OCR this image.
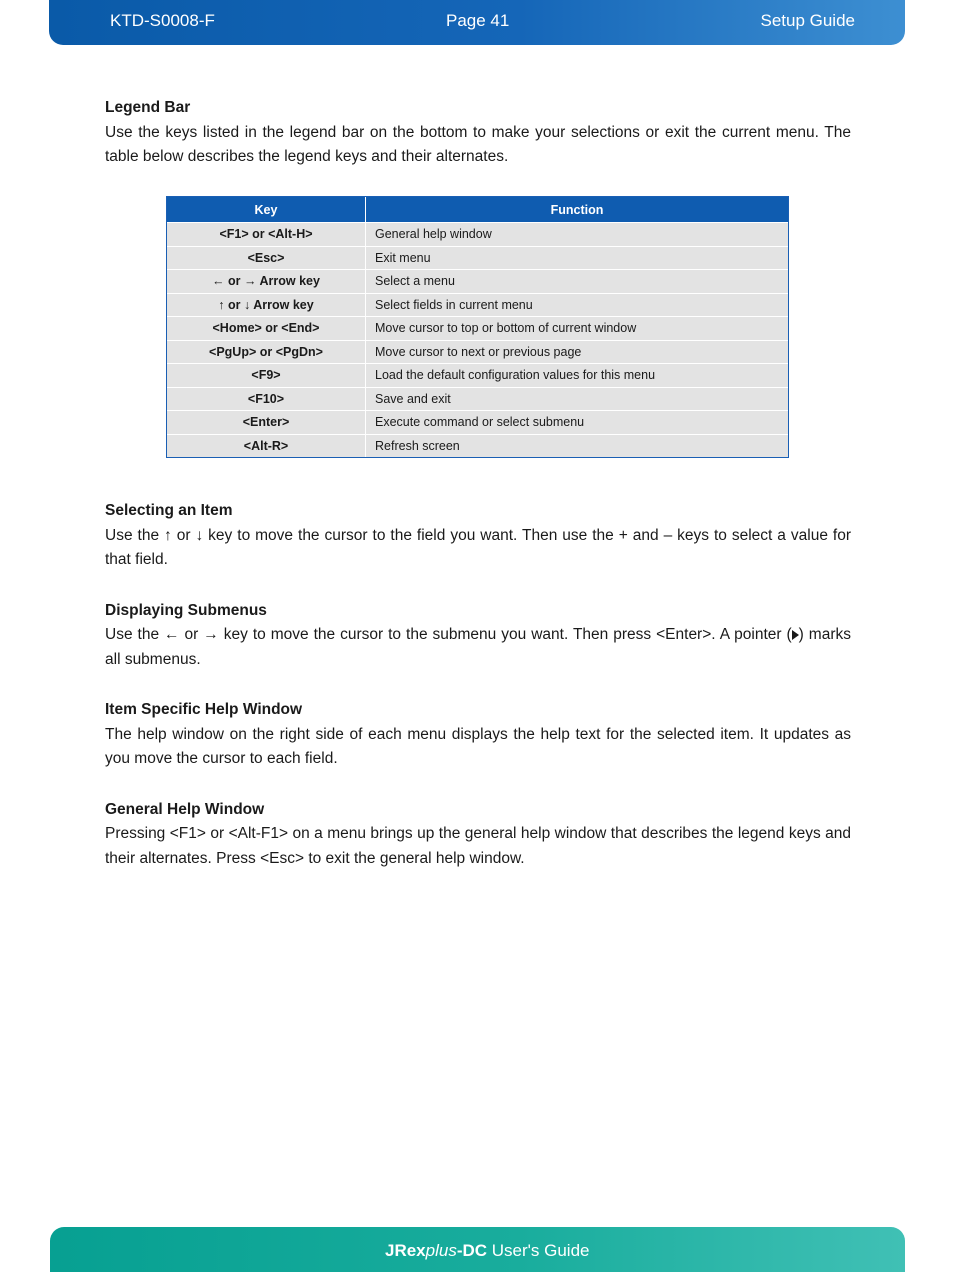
KTD-S0008-F	Page 41	Setup Guide

Legend Bar

Use the keys listed in the legend bar on the bottom to make your selections or exit the current menu. The table below describes the legend keys and their alternates.

Key	Function
<F1> or <Alt-H>	General help window
<Esc>	Exit menu
← or → Arrow key	Select a menu
↑ or ↓ Arrow key	Select fields in current menu
<Home> or <End>	Move cursor to top or bottom of current window
<PgUp> or <PgDn>	Move cursor to next or previous page
<F9>	Load the default configuration values for this menu
<F10>	Save and exit
<Enter>	Execute command or select submenu
<Alt-R>	Refresh screen

Selecting an Item

Use the ↑ or ↓ key to move the cursor to the field you want. Then use the + and – keys to select a value for that field.

Displaying Submenus

Use the ← or → key to move the cursor to the submenu you want. Then press <Enter>. A pointer ( ) marks all submenus.

Item Specific Help Window

The help window on the right side of each menu displays the help text for the selected item. It updates as you move the cursor to each field.

General Help Window

Pressing <F1> or <Alt-F1> on a menu brings up the general help window that describes the legend keys and their alternates. Press <Esc> to exit the general help window.

JRexplus-DC User's Guide
